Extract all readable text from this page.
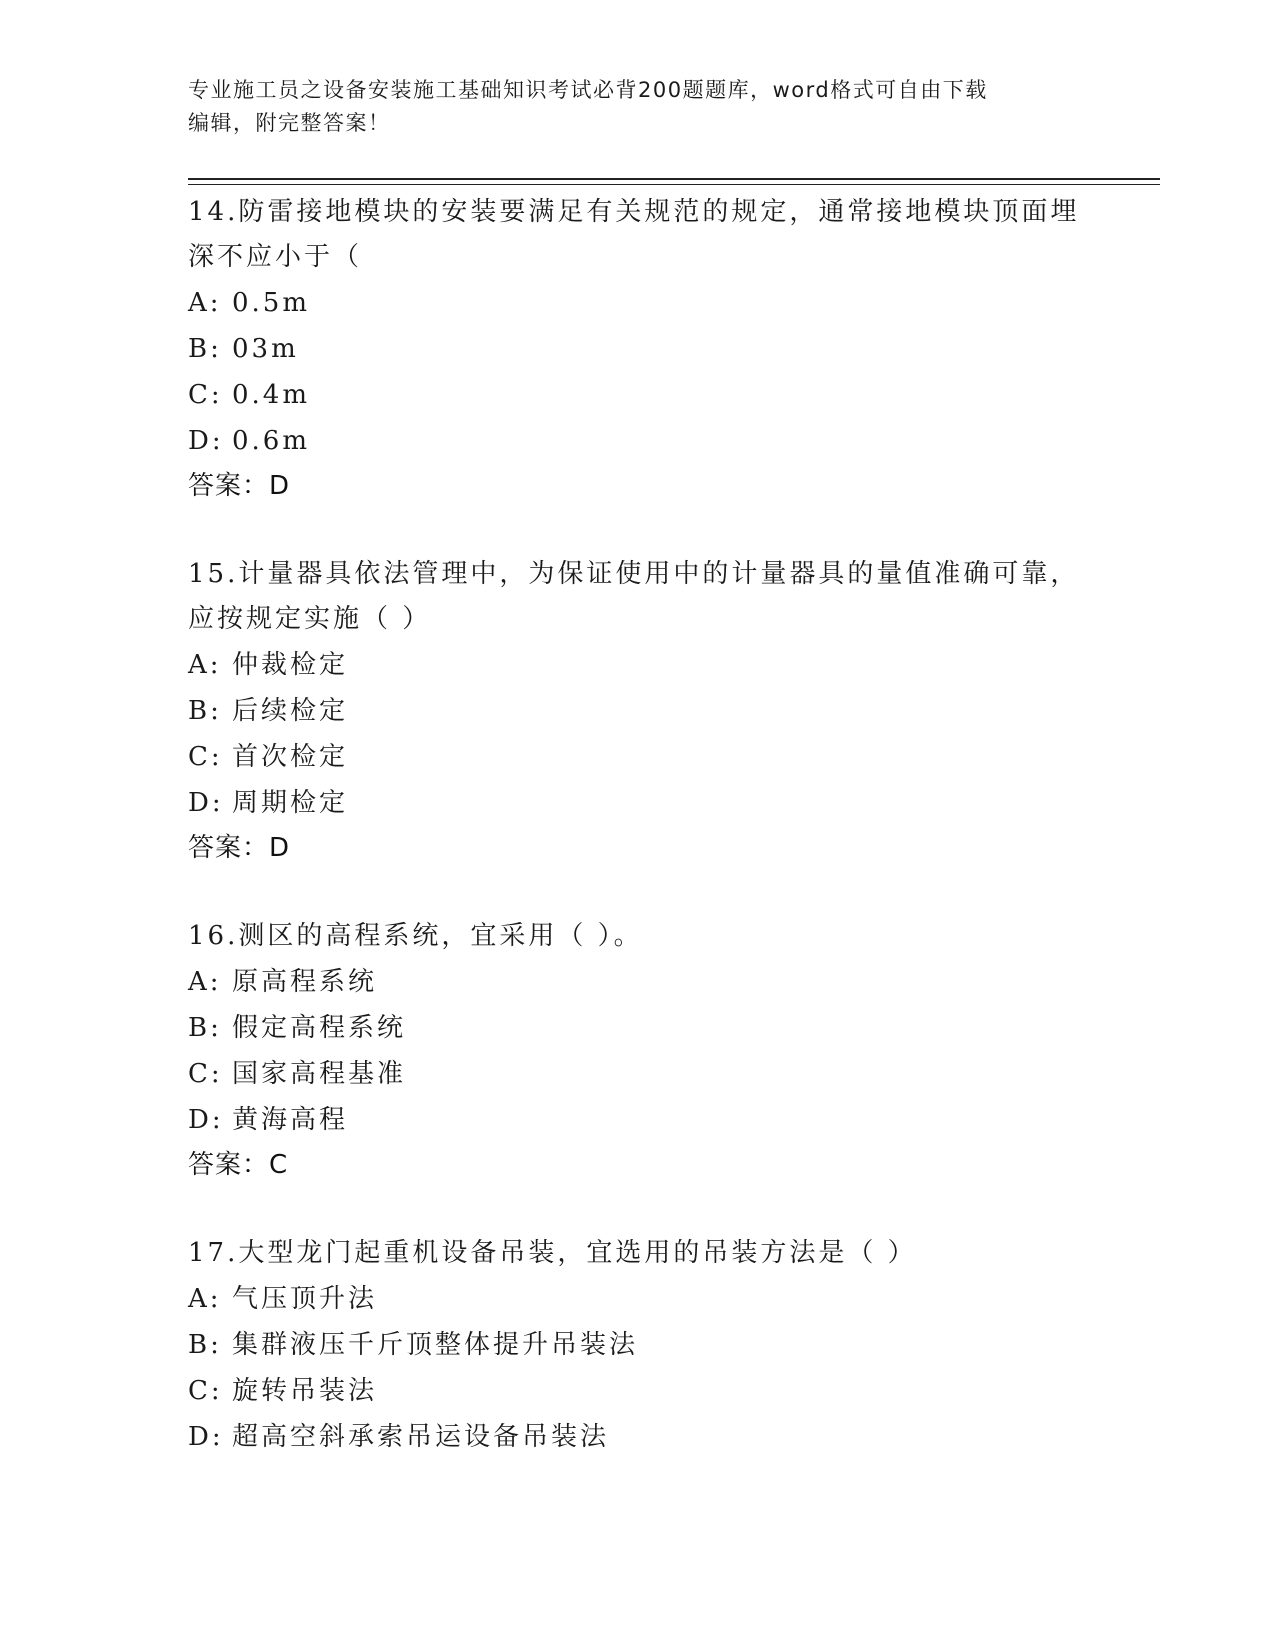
专业施工员之设备安装施工基础知识考试必背200题题库，word格式可自由下载
编辑，附完整答案！
14.防雷接地模块的安装要满足有关规范的规定，通常接地模块顶面埋
深不应小于（
A: 0.5m
B: 03m
C: 0.4m
D: 0.6m
答案：D
15.计量器具依法管理中，为保证使用中的计量器具的量值准确可靠，
应按规定实施（ ）
A: 仲裁检定
B: 后续检定
C: 首次检定
D: 周期检定
答案：D
16.测区的高程系统，宜采用（ ）。
A: 原高程系统
B: 假定高程系统
C: 国家高程基准
D: 黄海高程
答案：C
17.大型龙门起重机设备吊装，宜选用的吊装方法是（ ）
A: 气压顶升法
B: 集群液压千斤顶整体提升吊装法
C: 旋转吊装法
D: 超高空斜承索吊运设备吊装法
